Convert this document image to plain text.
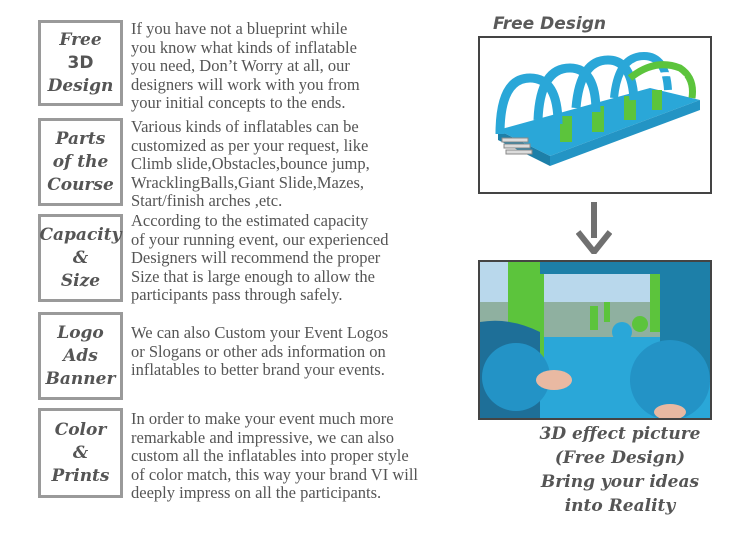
Free
3D
Design
If you have not a blueprint while
you know what kinds of inflatable
you need, Don’t Worry at all, our
designers will work with you from
your initial concepts to the ends.
Parts
of the
Course
Various kinds of inflatables can be
customized as per your request, like
Climb slide,Obstacles,bounce jump,
WracklingBalls,Giant Slide,Mazes,
Start/finish arches ,etc.
Capacity
&
Size
According to the estimated capacity
of your running event, our experienced
Designers will recommend the proper
Size that is large enough to allow the
participants pass through safely.
Logo
Ads
Banner
We can also Custom your Event Logos
or Slogans or other ads information on
inflatables to better brand your events.
Color
&
Prints
In order to make your event much more
remarkable and impressive, we can also
custom all the inflatables into proper style
of color match, this way your brand VI will
deeply impress on all the participants.
Free Design
3D effect picture
(Free Design)
Bring your ideas
into Reality
